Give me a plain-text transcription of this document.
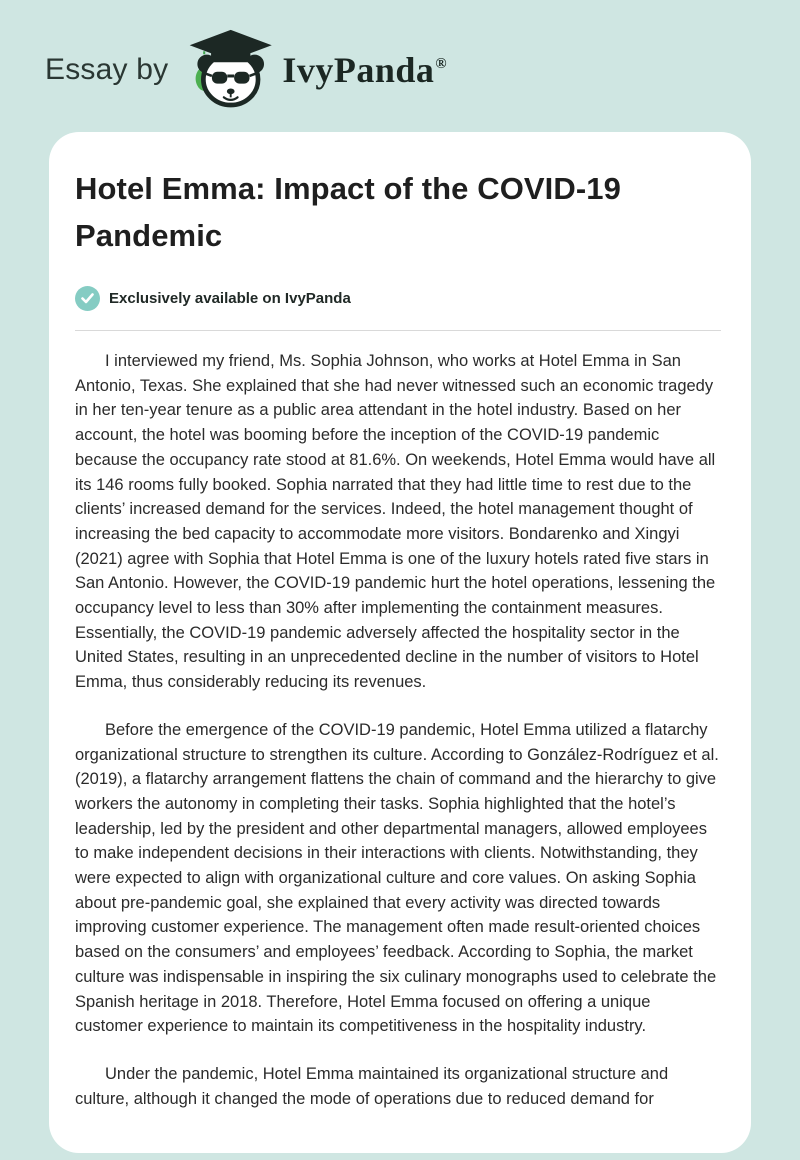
Essay by	IvyPanda®
Hotel Emma: Impact of the COVID-19 Pandemic
Exclusively available on IvyPanda

I interviewed my friend, Ms. Sophia Johnson, who works at Hotel Emma in San Antonio, Texas. She explained that she had never witnessed such an economic tragedy in her ten-year tenure as a public area attendant in the hotel industry. Based on her account, the hotel was booming before the inception of the COVID-19 pandemic because the occupancy rate stood at 81.6%. On weekends, Hotel Emma would have all its 146 rooms fully booked. Sophia narrated that they had little time to rest due to the clients’ increased demand for the services. Indeed, the hotel management thought of increasing the bed capacity to accommodate more visitors. Bondarenko and Xingyi (2021) agree with Sophia that Hotel Emma is one of the luxury hotels rated five stars in San Antonio. However, the COVID-19 pandemic hurt the hotel operations, lessening the occupancy level to less than 30% after implementing the containment measures. Essentially, the COVID-19 pandemic adversely affected the hospitality sector in the United States, resulting in an unprecedented decline in the number of visitors to Hotel Emma, thus considerably reducing its revenues.

Before the emergence of the COVID-19 pandemic, Hotel Emma utilized a flatarchy organizational structure to strengthen its culture. According to González-Rodríguez et al. (2019), a flatarchy arrangement flattens the chain of command and the hierarchy to give workers the autonomy in completing their tasks. Sophia highlighted that the hotel’s leadership, led by the president and other departmental managers, allowed employees to make independent decisions in their interactions with clients. Notwithstanding, they were expected to align with organizational culture and core values. On asking Sophia about pre-pandemic goal, she explained that every activity was directed towards improving customer experience. The management often made result-oriented choices based on the consumers’ and employees’ feedback. According to Sophia, the market culture was indispensable in inspiring the six culinary monographs used to celebrate the Spanish heritage in 2018. Therefore, Hotel Emma focused on offering a unique customer experience to maintain its competitiveness in the hospitality industry.

Under the pandemic, Hotel Emma maintained its organizational structure and culture, although it changed the mode of operations due to reduced demand for
